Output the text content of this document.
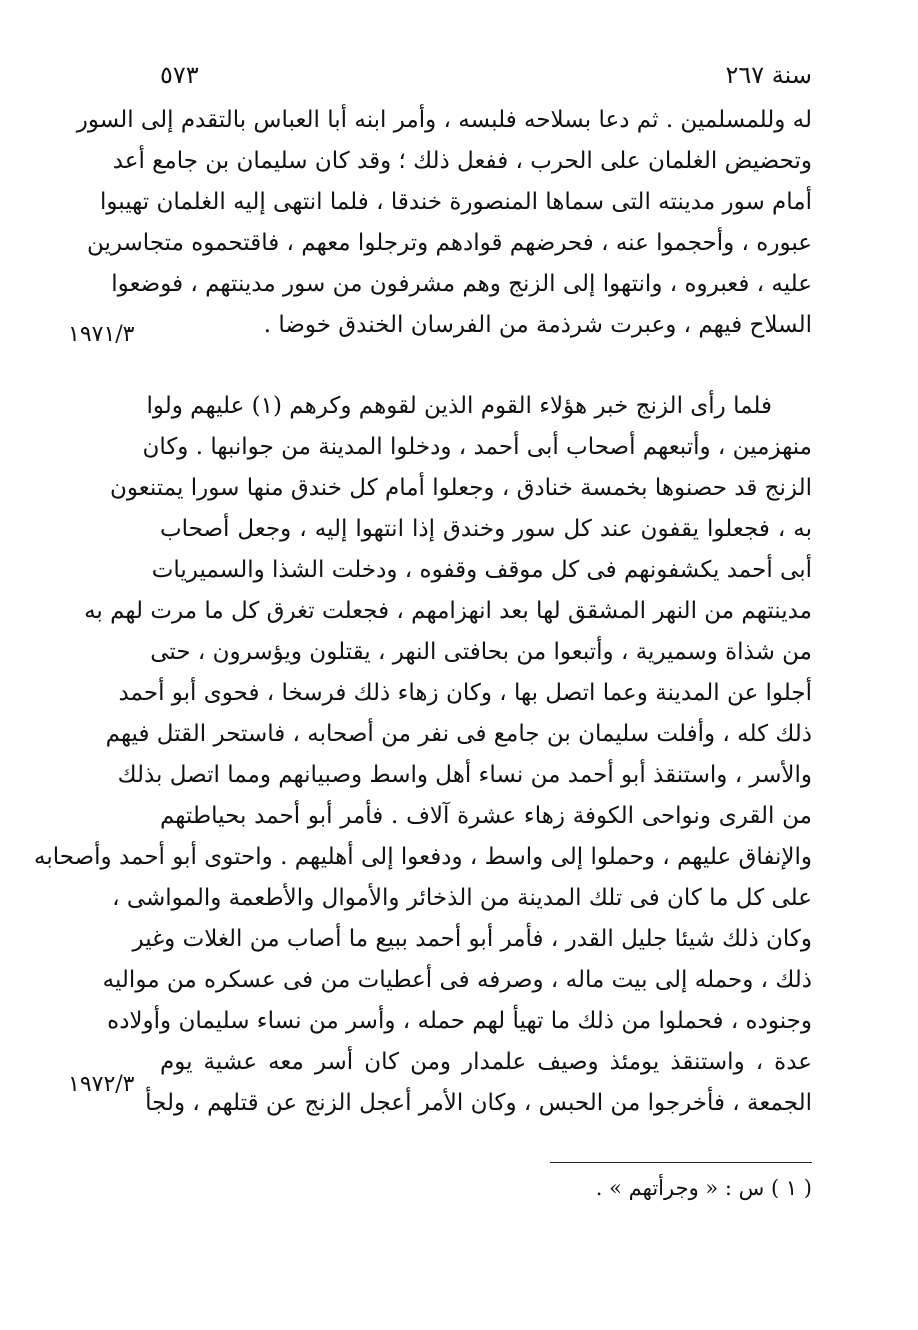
سنة ٢٦٧
٥٧٣
له وللمسلمين . ثم دعا بسلاحه فلبسه ، وأمر ابنه أبا العباس بالتقدم إلى السور
وتحضيض الغلمان على الحرب ، ففعل ذلك ؛ وقد كان سليمان بن جامع أعد
أمام سور مدينته التى سماها المنصورة خندقا ، فلما انتهى إليه الغلمان تهيبوا
عبوره ، وأحجموا عنه ، فحرضهم قوادهم وترجلوا معهم ، فاقتحموه متجاسرين
عليه ، فعبروه ، وانتهوا إلى الزنج وهم مشرفون من سور مدينتهم ، فوضعوا
السلاح فيهم ، وعبرت شرذمة من الفرسان الخندق خوضا .
فلما رأى الزنج خبر هؤلاء القوم الذين لقوهم وكرهم (١) عليهم ولوا
منهزمين ، وأتبعهم أصحاب أبى أحمد ، ودخلوا المدينة من جوانبها . وكان
الزنج قد حصنوها بخمسة خنادق ، وجعلوا أمام كل خندق منها سورا يمتنعون
به ، فجعلوا يقفون عند كل سور وخندق إذا انتهوا إليه ، وجعل أصحاب
أبى أحمد يكشفونهم فى كل موقف وقفوه ، ودخلت الشذا والسميريات
مدينتهم من النهر المشقق لها بعد انهزامهم ، فجعلت تغرق كل ما مرت لهم به
من شذاة وسميرية ، وأتبعوا من بحافتى النهر ، يقتلون ويؤسرون ، حتى
أجلوا عن المدينة وعما اتصل بها ، وكان زهاء ذلك فرسخا ، فحوى أبو أحمد
ذلك كله ، وأفلت سليمان بن جامع فى نفر من أصحابه ، فاستحر القتل فيهم
والأسر ، واستنقذ أبو أحمد من نساء أهل واسط وصبيانهم ومما اتصل بذلك
من القرى ونواحى الكوفة زهاء عشرة آلاف . فأمر أبو أحمد بحياطتهم
والإنفاق عليهم ، وحملوا إلى واسط ، ودفعوا إلى أهليهم . واحتوى أبو أحمد وأصحابه
على كل ما كان فى تلك المدينة من الذخائر والأموال والأطعمة والمواشى ،
وكان ذلك شيئا جليل القدر ، فأمر أبو أحمد ببيع ما أصاب من الغلات وغير
ذلك ، وحمله إلى بيت ماله ، وصرفه فى أعطيات من فى عسكره من مواليه
وجنوده ، فحملوا من ذلك ما تهيأ لهم حمله ، وأسر من نساء سليمان وأولاده
عدة ، واستنقذ يومئذ وصيف علمدار ومن كان أسر معه عشية يوم
الجمعة ، فأخرجوا من الحبس ، وكان الأمر أعجل الزنج عن قتلهم ، ولجأ
١٩٧١/٣
١٩٧٢/٣
( ١ ) س : « وجرأتهم » .
